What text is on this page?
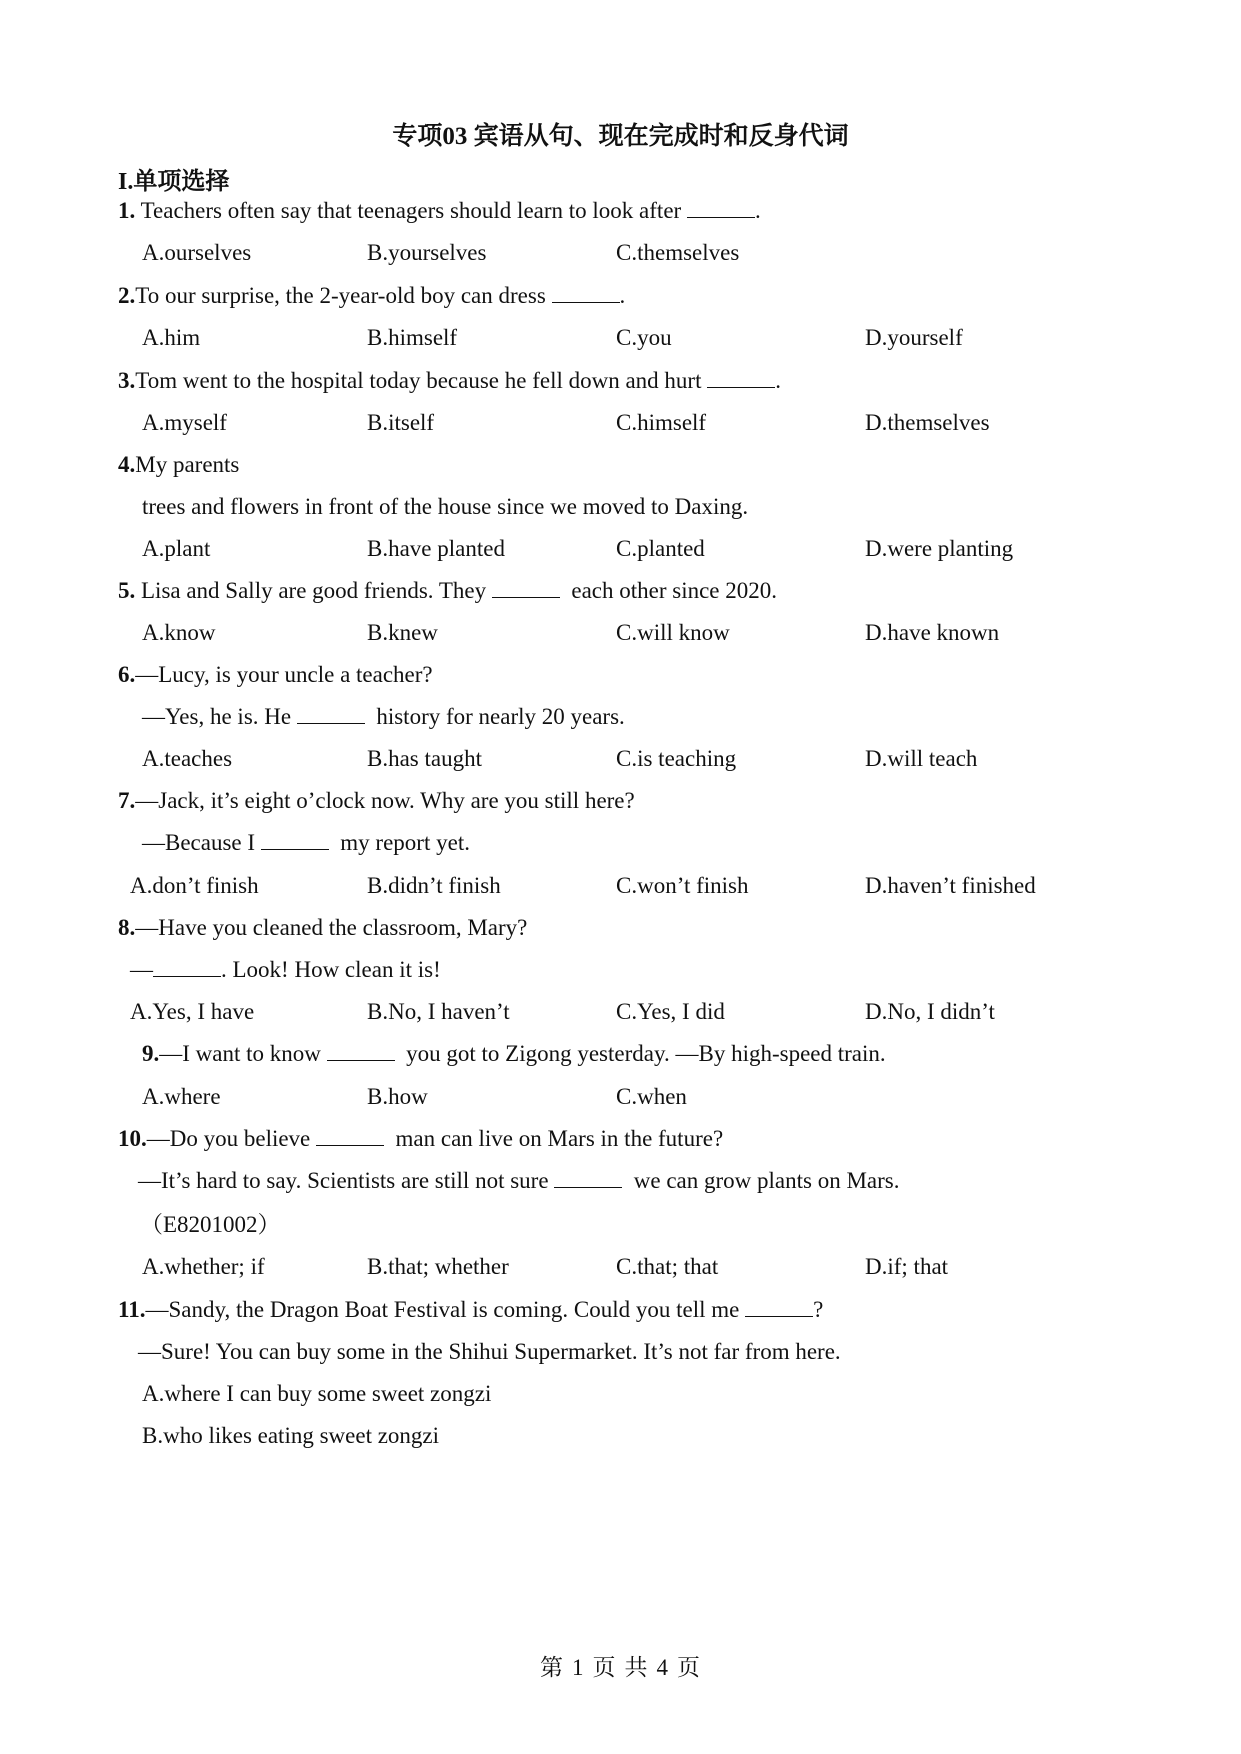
专项03 宾语从句、现在完成时和反身代词
I.单项选择
1. Teachers often say that teenagers should learn to look after	.
A.ourselves	B.yourselves	C.themselves
2.To our surprise, the 2-year-old boy can dress	.
A.him	B.himself	C.you	D.yourself
3.Tom went to the hospital today because he fell down and hurt	.
A.myself	B.itself	C.himself	D.themselves
4.My parents
trees and flowers in front of the house since we moved to Daxing.
A.plant	B.have planted	C.planted	D.were planting
5. Lisa and Sally are good friends. They	each other since 2020.
A.know	B.knew	C.will know	D.have known
6.—Lucy, is your uncle a teacher?
—Yes, he is. He	history for nearly 20 years.
A.teaches	B.has taught	C.is teaching	D.will teach
7.—Jack, it’s eight o’clock now. Why are you still here?
—Because I	my report yet.
A.don’t finish	B.didn’t finish	C.won’t finish	D.haven’t finished
8.—Have you cleaned the classroom, Mary?
—	. Look! How clean it is!
A.Yes, I have	B.No, I haven’t	C.Yes, I did	D.No, I didn’t
9.—I want to know	you got to Zigong yesterday. —By high-speed train.
A.where	B.how	C.when
10.—Do you believe	man can live on Mars in the future?
—It’s hard to say. Scientists are still not sure	we can grow plants on Mars.
（E8201002）
A.whether; if	B.that; whether	C.that; that	D.if; that
11.—Sandy, the Dragon Boat Festival is coming. Could you tell me	?
—Sure! You can buy some in the Shihui Supermarket. It’s not far from here.
A.where I can buy some sweet zongzi
B.who likes eating sweet zongzi
第 1 页 共 4 页
